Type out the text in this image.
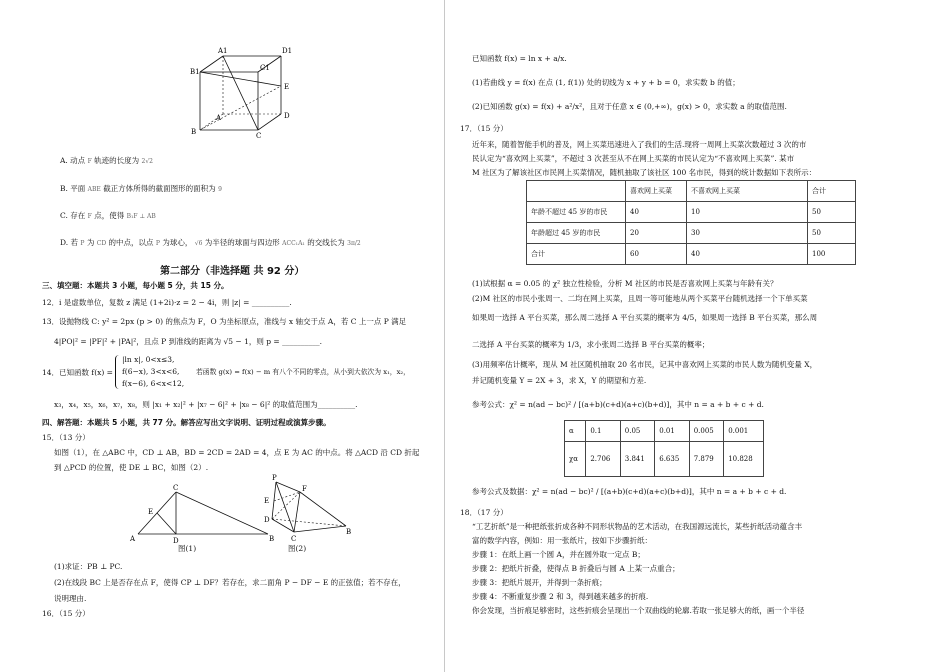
A1	D1
B1	C1
E
A	D
B	C
A. 动点 F 轨迹的长度为 2√2
B. 平面 ABE 截正方体所得的截面图形的面积为 9
C. 存在 F 点，使得 B₁F ⊥ AB
D. 若 P 为 CD 的中点，以点 P 为球心， √6 为半径的球面与四边形 ACC₁A₁ 的交线长为 3π/2
第二部分（非选择题 共 92 分）
三、填空题：本题共 3 小题，每小题 5 分，共 15 分。
12．i 是虚数单位，复数 z 满足 (1+2i)·z = 2 − 4i，则 |z| = __________.
13．设抛物线 C: y² = 2px (p > 0) 的焦点为 F，O 为坐标原点，准线与 x 轴交于点 A，若 C 上一点 P 满足
4|PO|² = |PF|² + |PA|²，且点 P 到准线的距离为 √5 − 1，则 p = __________.
14．已知函数 f(x) =
|ln x|, 0<x≤3,
f(6−x), 3<x<6,
f(x−6), 6<x<12,
若函数 g(x) = f(x) − m 有八个不同的零点，从小到大依次为 x₁，x₂，
x₃，x₄，x₅，x₆，x₇，x₈，则 |x₁ + x₂|² + |x₇ − 6|² + |x₈ − 6|² 的取值范围为__________.
四、解答题：本题共 5 小题，共 77 分。解答应写出文字说明、证明过程或演算步骤。
15．（13 分）
如图（1），在 △ABC 中，CD ⊥ AB，BD = 2CD = 2AD = 4，点 E 为 AC 的中点。将 △ACD 沿 CD 折起
到 △PCD 的位置，使 DE ⊥ BC，如图（2）.
C
E
A	D	B
图(1)
P
F
E
D
C
B
图(2)
(1)求证：PB ⊥ PC.
(2)在线段 BC 上是否存在点 F，使得 CP ⊥ DF？若存在，求二面角 P − DF − E 的正弦值；若不存在，
说明理由.
16．（15 分）
已知函数 f(x) = ln x + a/x.
(1)若曲线 y = f(x) 在点 (1, f(1)) 处的切线为 x + y + b = 0，求实数 b 的值；
(2)已知函数 g(x) = f(x) + a²/x²，且对于任意 x ∈ (0,+∞)，g(x) > 0，求实数 a 的取值范围.
17．（15 分）
近年来，随着智能手机的普及，网上买菜迅速进入了我们的生活.现将一周网上买菜次数超过 3 次的市
民认定为“喜欢网上买菜”，不超过 3 次甚至从不在网上买菜的市民认定为“不喜欢网上买菜”. 某市
M 社区为了解该社区市民网上买菜情况，随机抽取了该社区 100 名市民，得到的统计数据如下表所示：
	喜欢网上买菜	不喜欢网上买菜	合计
年龄不超过 45 岁的市民	40	10	50
年龄超过 45 岁的市民	20	30	50
合计	60	40	100
(1)试根据 α = 0.05 的 χ² 独立性检验，分析 M 社区的市民是否喜欢网上买菜与年龄有关？
(2)M 社区的市民小张周一、二均在网上买菜，且周一等可能地从两个买菜平台随机选择一个下单买菜
如果周一选择 A 平台买菜，那么周二选择 A 平台买菜的概率为 4/5，如果周一选择 B 平台买菜，那么周
二选择 A 平台买菜的概率为 1/3，求小张周二选择 B 平台买菜的概率；
(3)用频率估计概率，现从 M 社区随机抽取 20 名市民，记其中喜欢网上买菜的市民人数为随机变量 X，
并记随机变量 Y = 2X + 3，求 X，Y 的期望和方差.
参考公式：χ² = n(ad − bc)² / [(a+b)(c+d)(a+c)(b+d)]，其中 n = a + b + c + d.
α	0.1	0.05	0.01	0.005	0.001
χα	2.706	3.841	6.635	7.879	10.828
参考公式及数据：χ² = n(ad − bc)² / [(a+b)(c+d)(a+c)(b+d)]，其中 n = a + b + c + d.
18．（17 分）
“工艺折纸”是一种把纸张折成各种不同形状物品的艺术活动，在我国源远流长，某些折纸活动蕴含丰
富的数学内容，例如：用一张纸片，按如下步骤折纸：
步骤 1：在纸上画一个圆 A，并在圆外取一定点 B；
步骤 2：把纸片折叠，使得点 B 折叠后与圆 A 上某一点重合；
步骤 3：把纸片展开，并得到一条折痕；
步骤 4：不断重复步骤 2 和 3，得到越来越多的折痕.
你会发现，当折痕足够密时，这些折痕会呈现出一个双曲线的轮廓.若取一张足够大的纸，画一个半径
